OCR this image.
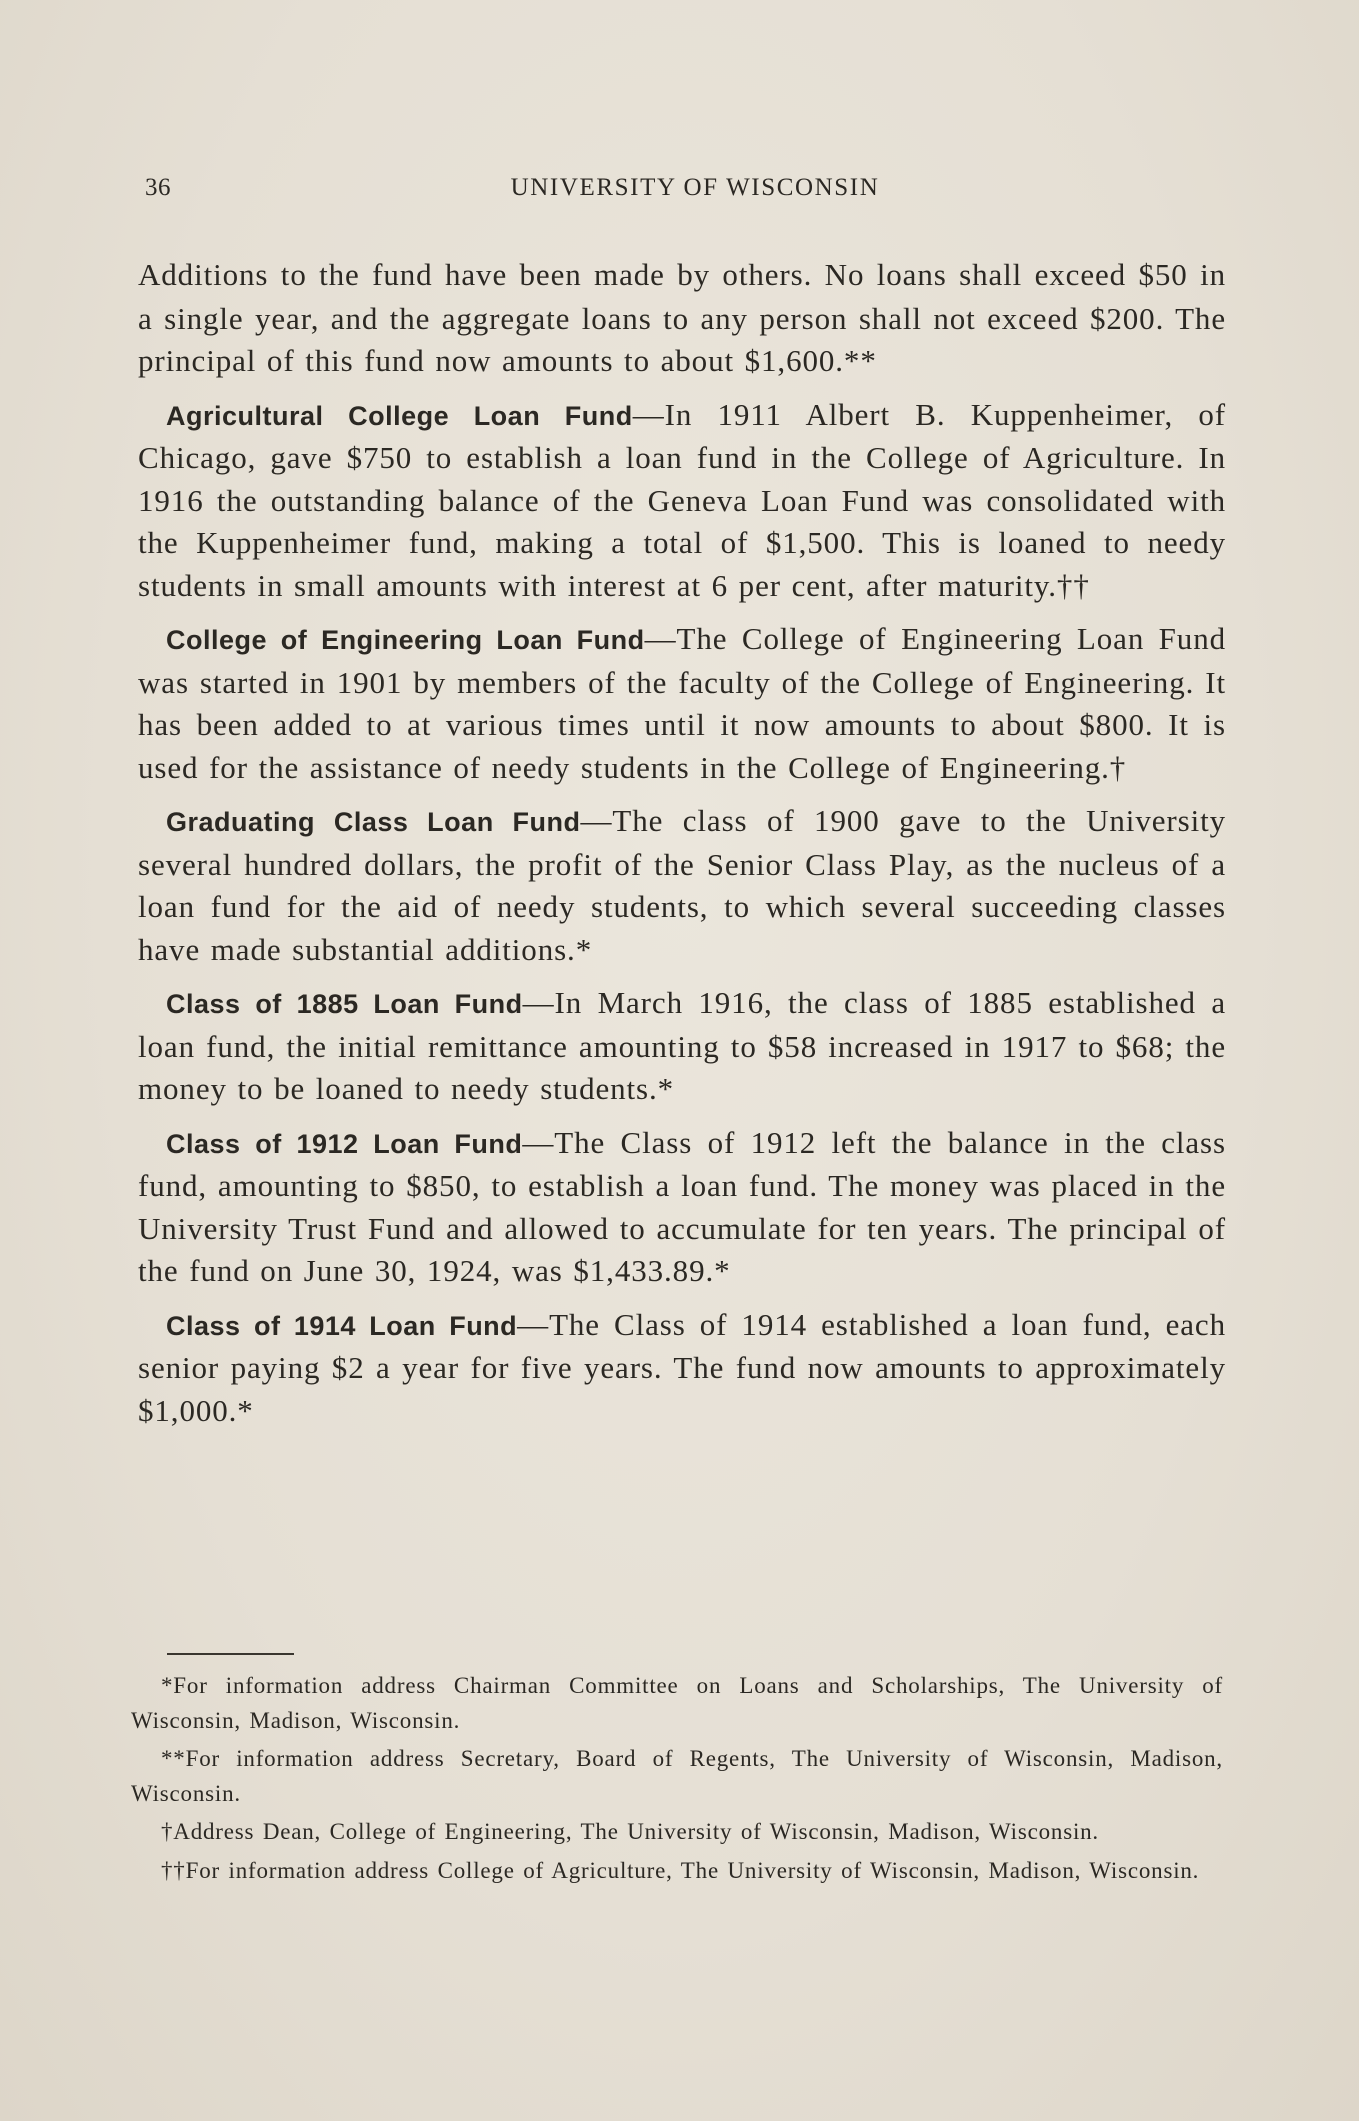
36	UNIVERSITY OF WISCONSIN

Additions to the fund have been made by others. No loans shall exceed $50 in a single year, and the aggregate loans to any person shall not exceed $200. The principal of this fund now amounts to about $1,600.**

Agricultural College Loan Fund—In 1911 Albert B. Kuppenheimer, of Chicago, gave $750 to establish a loan fund in the College of Agriculture. In 1916 the outstanding balance of the Geneva Loan Fund was consolidated with the Kuppenheimer fund, making a total of $1,500. This is loaned to needy students in small amounts with interest at 6 per cent, after maturity.††

College of Engineering Loan Fund—The College of Engineering Loan Fund was started in 1901 by members of the faculty of the College of Engineering. It has been added to at various times until it now amounts to about $800. It is used for the assistance of needy students in the College of Engineering.†

Graduating Class Loan Fund—The class of 1900 gave to the University several hundred dollars, the profit of the Senior Class Play, as the nucleus of a loan fund for the aid of needy students, to which several succeeding classes have made substantial additions.*

Class of 1885 Loan Fund—In March 1916, the class of 1885 established a loan fund, the initial remittance amounting to $58 increased in 1917 to $68; the money to be loaned to needy students.*

Class of 1912 Loan Fund—The Class of 1912 left the balance in the class fund, amounting to $850, to establish a loan fund. The money was placed in the University Trust Fund and allowed to accumulate for ten years. The principal of the fund on June 30, 1924, was $1,433.89.*

Class of 1914 Loan Fund—The Class of 1914 established a loan fund, each senior paying $2 a year for five years. The fund now amounts to approximately $1,000.*

*For information address Chairman Committee on Loans and Scholarships, The University of Wisconsin, Madison, Wisconsin.

**For information address Secretary, Board of Regents, The University of Wisconsin, Madison, Wisconsin.

†Address Dean, College of Engineering, The University of Wisconsin, Madison, Wisconsin.

††For information address College of Agriculture, The University of Wisconsin, Madison, Wisconsin.
